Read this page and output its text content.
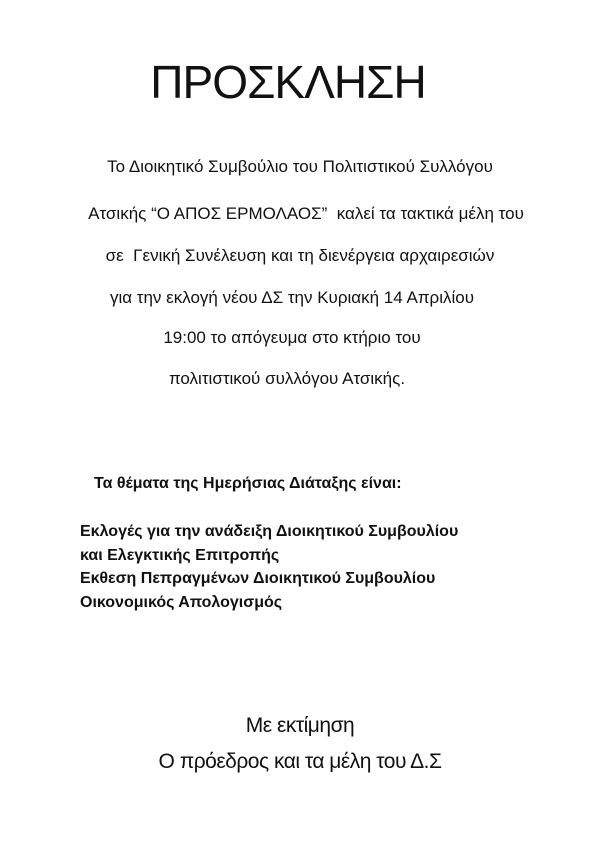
ΠΡΟΣΚΛΗΣΗ
Το Διοικητικό Συμβούλιο του Πολιτιστικού Συλλόγου
Ατσικής “Ο ΑΠΟΣ ΕΡΜΟΛΑΟΣ”  καλεί τα τακτικά μέλη του
σε  Γενική Συνέλευση και τη διενέργεια αρχαιρεσιών
για την εκλογή νέου ΔΣ την Κυριακή 14 Απριλίου
19:00 το απόγευμα στο κτήριο του
πολιτιστικού συλλόγου Ατσικής.
Τα θέματα της Ημερήσιας Διάταξης είναι:
Εκλογές για την ανάδειξη Διοικητικού Συμβουλίου
και Ελεγκτικής Επιτροπής
Εκθεση Πεπραγμένων Διοικητικού Συμβουλίου
Οικονομικός Απολογισμός
Με εκτίμηση
Ο πρόεδρος και τα μέλη του Δ.Σ
